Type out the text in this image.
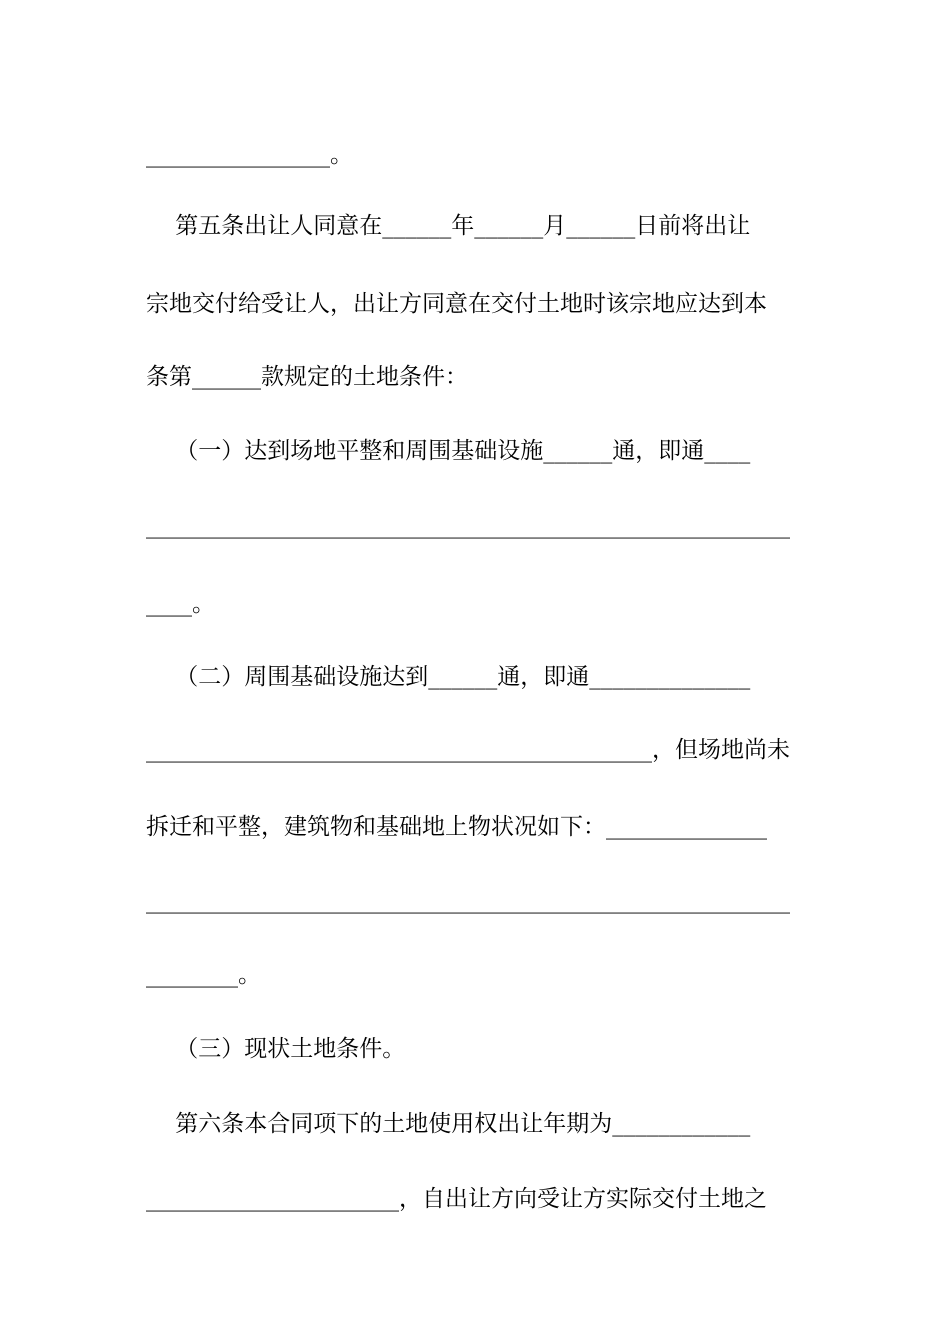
________________。

第五条出让人同意在______年______月______日前将出让

宗地交付给受让人，出让方同意在交付土地时该宗地应达到本

条第______款规定的土地条件：

（一）达到场地平整和周围基础设施______通，即通____

________________________________________________________

____。

（二）周围基础设施达到______通，即通______________

____________________________________________，但场地尚未

拆迁和平整，建筑物和基础地上物状况如下：______________

________________________________________________________

________。

（三）现状土地条件。

第六条本合同项下的土地使用权出让年期为____________

______________________，自出让方向受让方实际交付土地之
